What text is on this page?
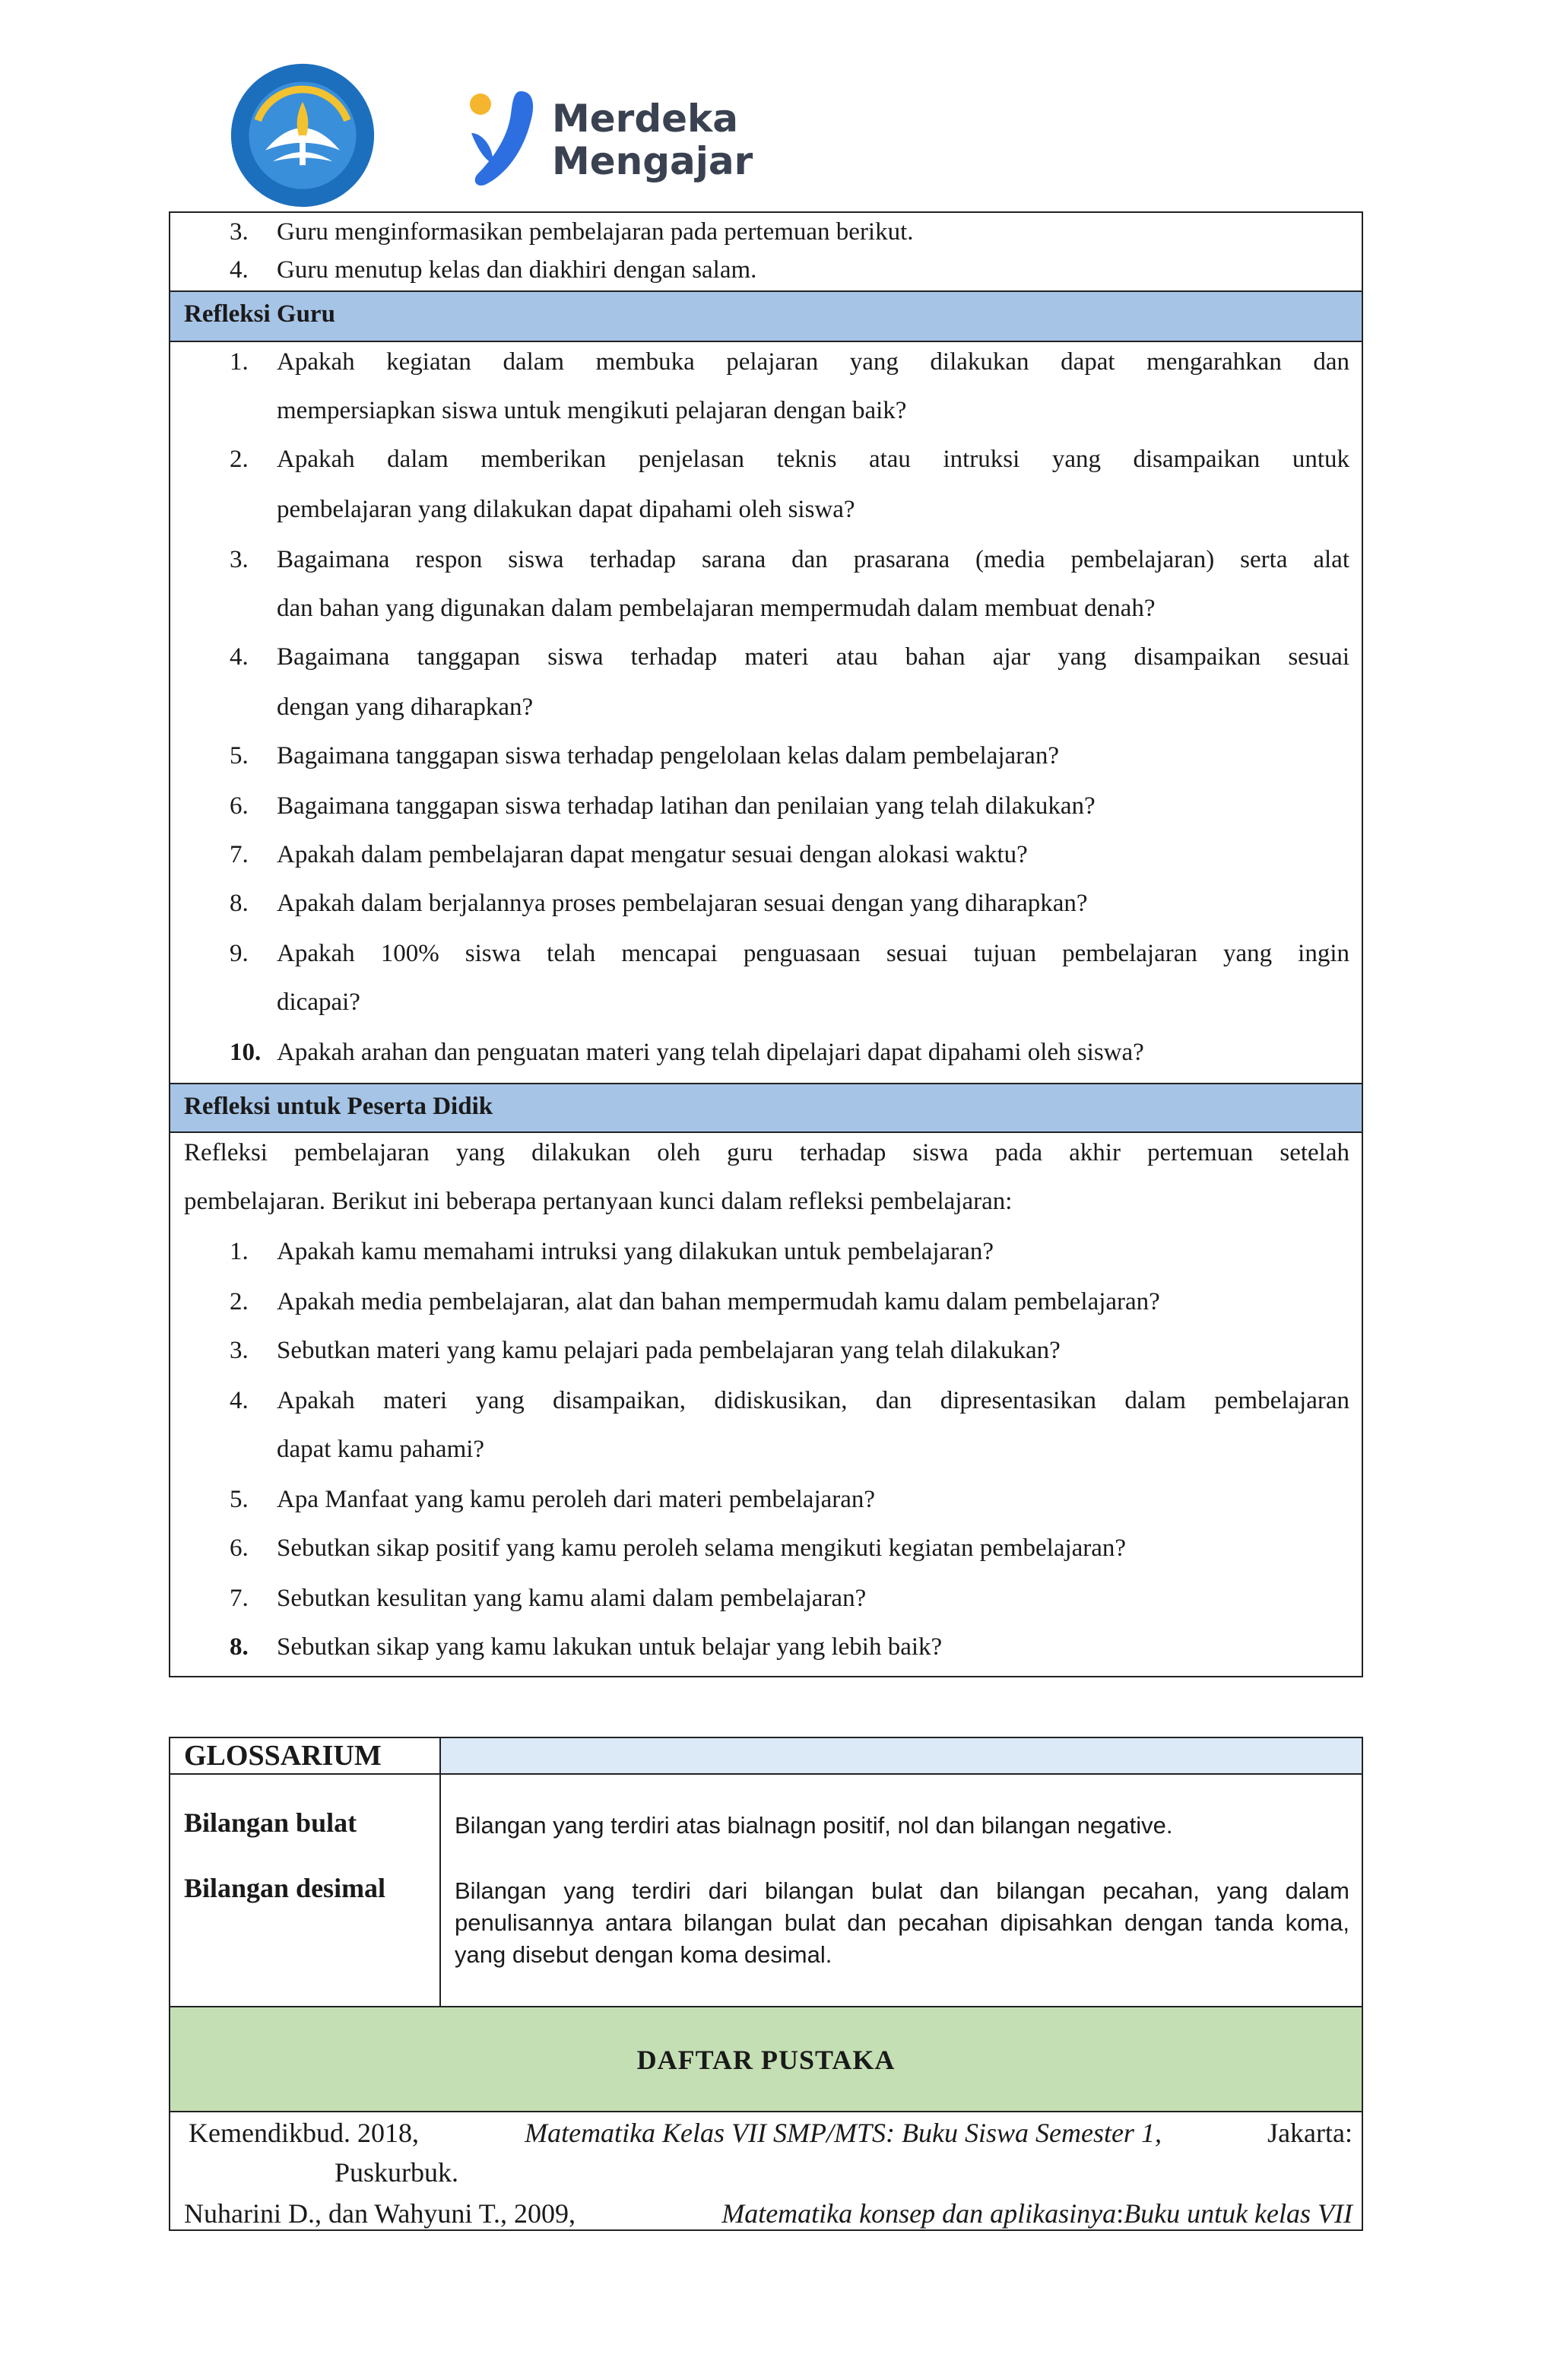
Merdeka
Mengajar
3.	Guru menginformasikan pembelajaran pada pertemuan berikut.
4.	Guru menutup kelas dan diakhiri dengan salam.
Refleksi Guru
1.	Apakah kegiatan dalam membuka pelajaran yang dilakukan dapat mengarahkan dan
mempersiapkan siswa untuk mengikuti pelajaran dengan baik?
2.	Apakah dalam memberikan penjelasan teknis atau intruksi yang disampaikan untuk
pembelajaran yang dilakukan dapat dipahami oleh siswa?
3.	Bagaimana respon siswa terhadap sarana dan prasarana (media pembelajaran) serta alat
dan bahan yang digunakan dalam pembelajaran mempermudah dalam membuat denah?
4.	Bagaimana tanggapan siswa terhadap materi atau bahan ajar yang disampaikan sesuai
dengan yang diharapkan?
5.	Bagaimana tanggapan siswa terhadap pengelolaan kelas dalam pembelajaran?
6.	Bagaimana tanggapan siswa terhadap latihan dan penilaian yang telah dilakukan?
7.	Apakah dalam pembelajaran dapat mengatur sesuai dengan alokasi waktu?
8.	Apakah dalam berjalannya proses pembelajaran sesuai dengan yang diharapkan?
9.	Apakah 100% siswa telah mencapai penguasaan sesuai tujuan pembelajaran yang ingin
dicapai?
10. Apakah arahan dan penguatan materi yang telah dipelajari dapat dipahami oleh siswa?
Refleksi untuk Peserta Didik
Refleksi pembelajaran yang dilakukan oleh guru terhadap siswa pada akhir pertemuan setelah
pembelajaran. Berikut ini beberapa pertanyaan kunci dalam refleksi pembelajaran:
1.	Apakah kamu memahami intruksi yang dilakukan untuk pembelajaran?
2.	Apakah media pembelajaran, alat dan bahan mempermudah kamu dalam pembelajaran?
3.	Sebutkan materi yang kamu pelajari pada pembelajaran yang telah dilakukan?
4.	Apakah materi yang disampaikan, didiskusikan, dan dipresentasikan dalam pembelajaran
dapat kamu pahami?
5.	Apa Manfaat yang kamu peroleh dari materi pembelajaran?
6.	Sebutkan sikap positif yang kamu peroleh selama mengikuti kegiatan pembelajaran?
7.	Sebutkan kesulitan yang kamu alami dalam pembelajaran?
8.	Sebutkan sikap yang kamu lakukan untuk belajar yang lebih baik?
GLOSSARIUM
Bilangan bulat	Bilangan yang terdiri atas bialnagn positif, nol dan bilangan negative.
Bilangan desimal	Bilangan yang terdiri dari bilangan bulat dan bilangan pecahan, yang dalam penulisannya antara bilangan bulat dan pecahan dipisahkan dengan tanda koma, yang disebut dengan koma desimal.
DAFTAR PUSTAKA
Kemendikbud. 2018,	Matematika Kelas VII SMP/MTS: Buku Siswa Semester 1,	Jakarta:
Puskurbuk.
Nuharini D., dan Wahyuni T., 2009,	Matematika konsep dan aplikasinya:Buku untuk kelas VII
